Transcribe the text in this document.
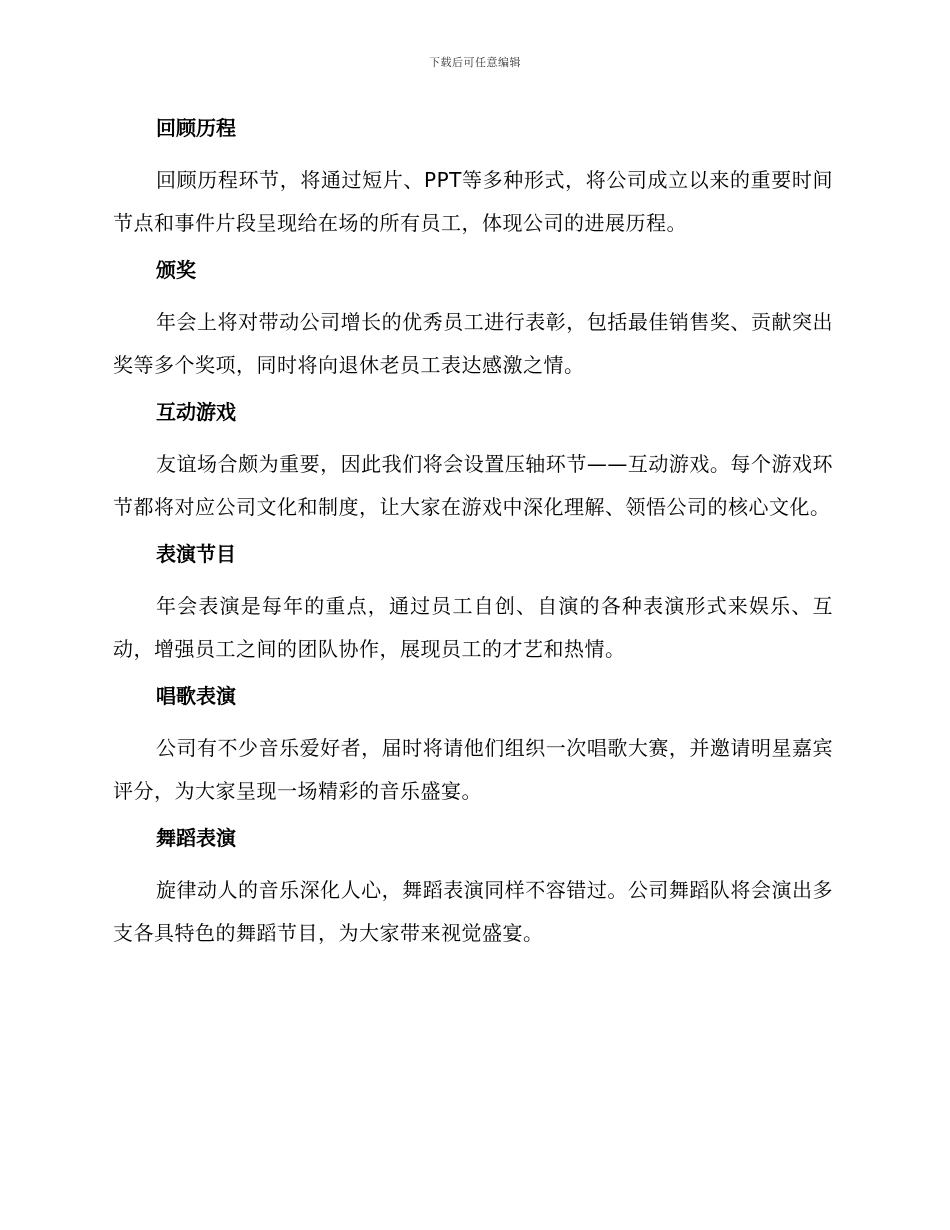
下载后可任意编辑
回顾历程
回顾历程环节，将通过短片、PPT等多种形式，将公司成立以来的重要时间节点和事件片段呈现给在场的所有员工，体现公司的进展历程。
颁奖
年会上将对带动公司增长的优秀员工进行表彰，包括最佳销售奖、贡献突出奖等多个奖项，同时将向退休老员工表达感激之情。
互动游戏
友谊场合颇为重要，因此我们将会设置压轴环节——互动游戏。每个游戏环节都将对应公司文化和制度，让大家在游戏中深化理解、领悟公司的核心文化。
表演节目
年会表演是每年的重点，通过员工自创、自演的各种表演形式来娱乐、互动，增强员工之间的团队协作，展现员工的才艺和热情。
唱歌表演
公司有不少音乐爱好者，届时将请他们组织一次唱歌大赛，并邀请明星嘉宾评分，为大家呈现一场精彩的音乐盛宴。
舞蹈表演
旋律动人的音乐深化人心，舞蹈表演同样不容错过。公司舞蹈队将会演出多支各具特色的舞蹈节目，为大家带来视觉盛宴。
